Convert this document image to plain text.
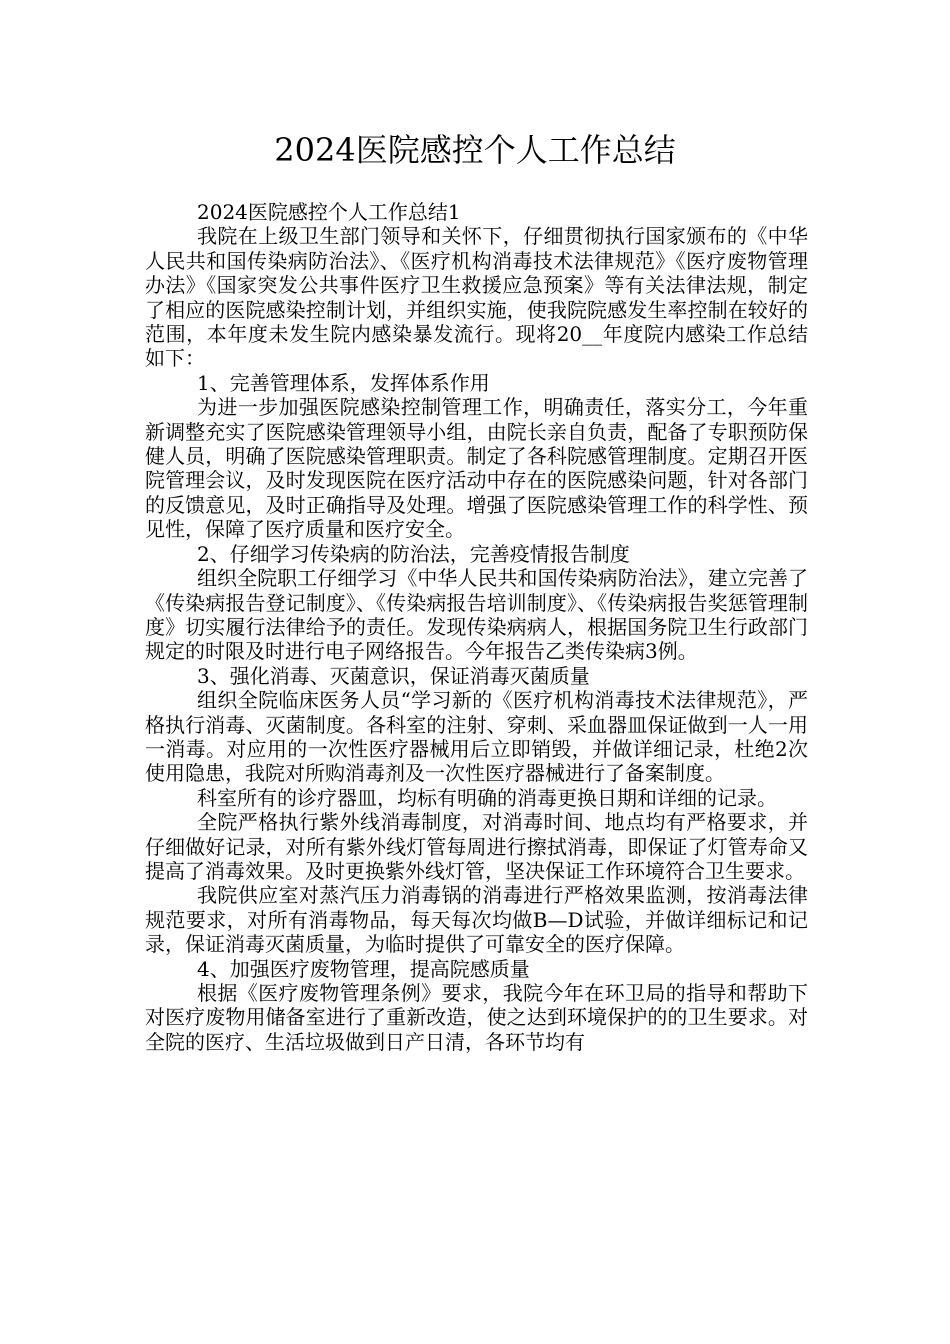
2024医院感控个人工作总结

2024医院感控个人工作总结1

我院在上级卫生部门领导和关怀下，仔细贯彻执行国家颁布的《中华人民共和国传染病防治法》、《医疗机构消毒技术法律规范》《医疗废物管理办法》《国家突发公共事件医疗卫生救援应急预案》等有关法律法规，制定了相应的医院感染控制计划，并组织实施，使我院院感发生率控制在较好的范围，本年度未发生院内感染暴发流行。现将20__年度院内感染工作总结如下：

1、完善管理体系，发挥体系作用

为进一步加强医院感染控制管理工作，明确责任，落实分工，今年重新调整充实了医院感染管理领导小组，由院长亲自负责，配备了专职预防保健人员，明确了医院感染管理职责。制定了各科院感管理制度。定期召开医院管理会议，及时发现医院在医疗活动中存在的医院感染问题，针对各部门的反馈意见，及时正确指导及处理。增强了医院感染管理工作的科学性、预见性，保障了医疗质量和医疗安全。

2、仔细学习传染病的防治法，完善疫情报告制度

组织全院职工仔细学习《中华人民共和国传染病防治法》，建立完善了《传染病报告登记制度》、《传染病报告培训制度》、《传染病报告奖惩管理制度》切实履行法律给予的责任。发现传染病病人，根据国务院卫生行政部门规定的时限及时进行电子网络报告。今年报告乙类传染病3例。

3、强化消毒、灭菌意识，保证消毒灭菌质量

组织全院临床医务人员“学习新的《医疗机构消毒技术法律规范》，严格执行消毒、灭菌制度。各科室的注射、穿刺、采血器皿保证做到一人一用一消毒。对应用的一次性医疗器械用后立即销毁，并做详细记录，杜绝2次使用隐患，我院对所购消毒剂及一次性医疗器械进行了备案制度。

科室所有的诊疗器皿，均标有明确的消毒更换日期和详细的记录。

全院严格执行紫外线消毒制度，对消毒时间、地点均有严格要求，并仔细做好记录，对所有紫外线灯管每周进行擦拭消毒，即保证了灯管寿命又提高了消毒效果。及时更换紫外线灯管，坚决保证工作环境符合卫生要求。

我院供应室对蒸汽压力消毒锅的消毒进行严格效果监测，按消毒法律规范要求，对所有消毒物品，每天每次均做B—D试验，并做详细标记和记录，保证消毒灭菌质量，为临时提供了可靠安全的医疗保障。

4、加强医疗废物管理，提高院感质量

根据《医疗废物管理条例》要求，我院今年在环卫局的指导和帮助下对医疗废物用储备室进行了重新改造，使之达到环境保护的的卫生要求。对全院的医疗、生活垃圾做到日产日清，各环节均有
